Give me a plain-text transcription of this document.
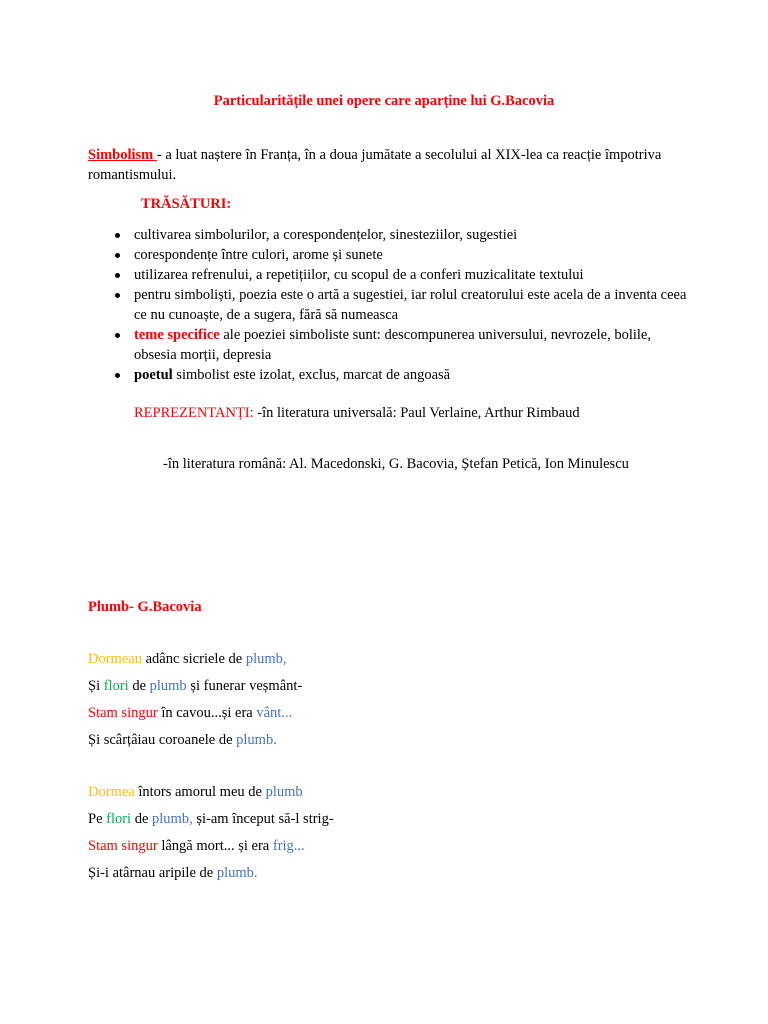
Particularitățile unei opere care aparține lui G.Bacovia
Simbolism - a luat naștere în Franța, în a doua jumătate a secolului al XIX-lea ca reacție împotriva romantismului.
TRĂSĂTURI:
cultivarea simbolurilor, a corespondențelor, sinesteziilor, sugestiei
corespondențe între culori, arome și sunete
utilizarea refrenului, a repetițiilor, cu scopul de a conferi muzicalitate textului
pentru simboliști, poezia este o artă a sugestiei, iar rolul creatorului este acela de a inventa ceea ce nu cunoaște, de a sugera, fără să numeasca
teme specifice ale poeziei simboliste sunt: descompunerea universului, nevrozele, bolile, obsesia morții, depresia
poetul simbolist este izolat, exclus, marcat de angoasă
REPREZENTANȚI: -în literatura universală: Paul Verlaine, Arthur Rimbaud
-în literatura română: Al. Macedonski, G. Bacovia, Ștefan Petică, Ion Minulescu
Plumb- G.Bacovia
Dormeau adânc sicriele de plumb,
Și flori de plumb și funerar veșmânt-
Stam singur în cavou...și era vânt...
Și scârțâiau coroanele de plumb.
Dormea întors amorul meu de plumb
Pe flori de plumb, și-am început să-l strig-
Stam singur lângă mort... și era frig...
Și-i atârnau aripile de plumb.
